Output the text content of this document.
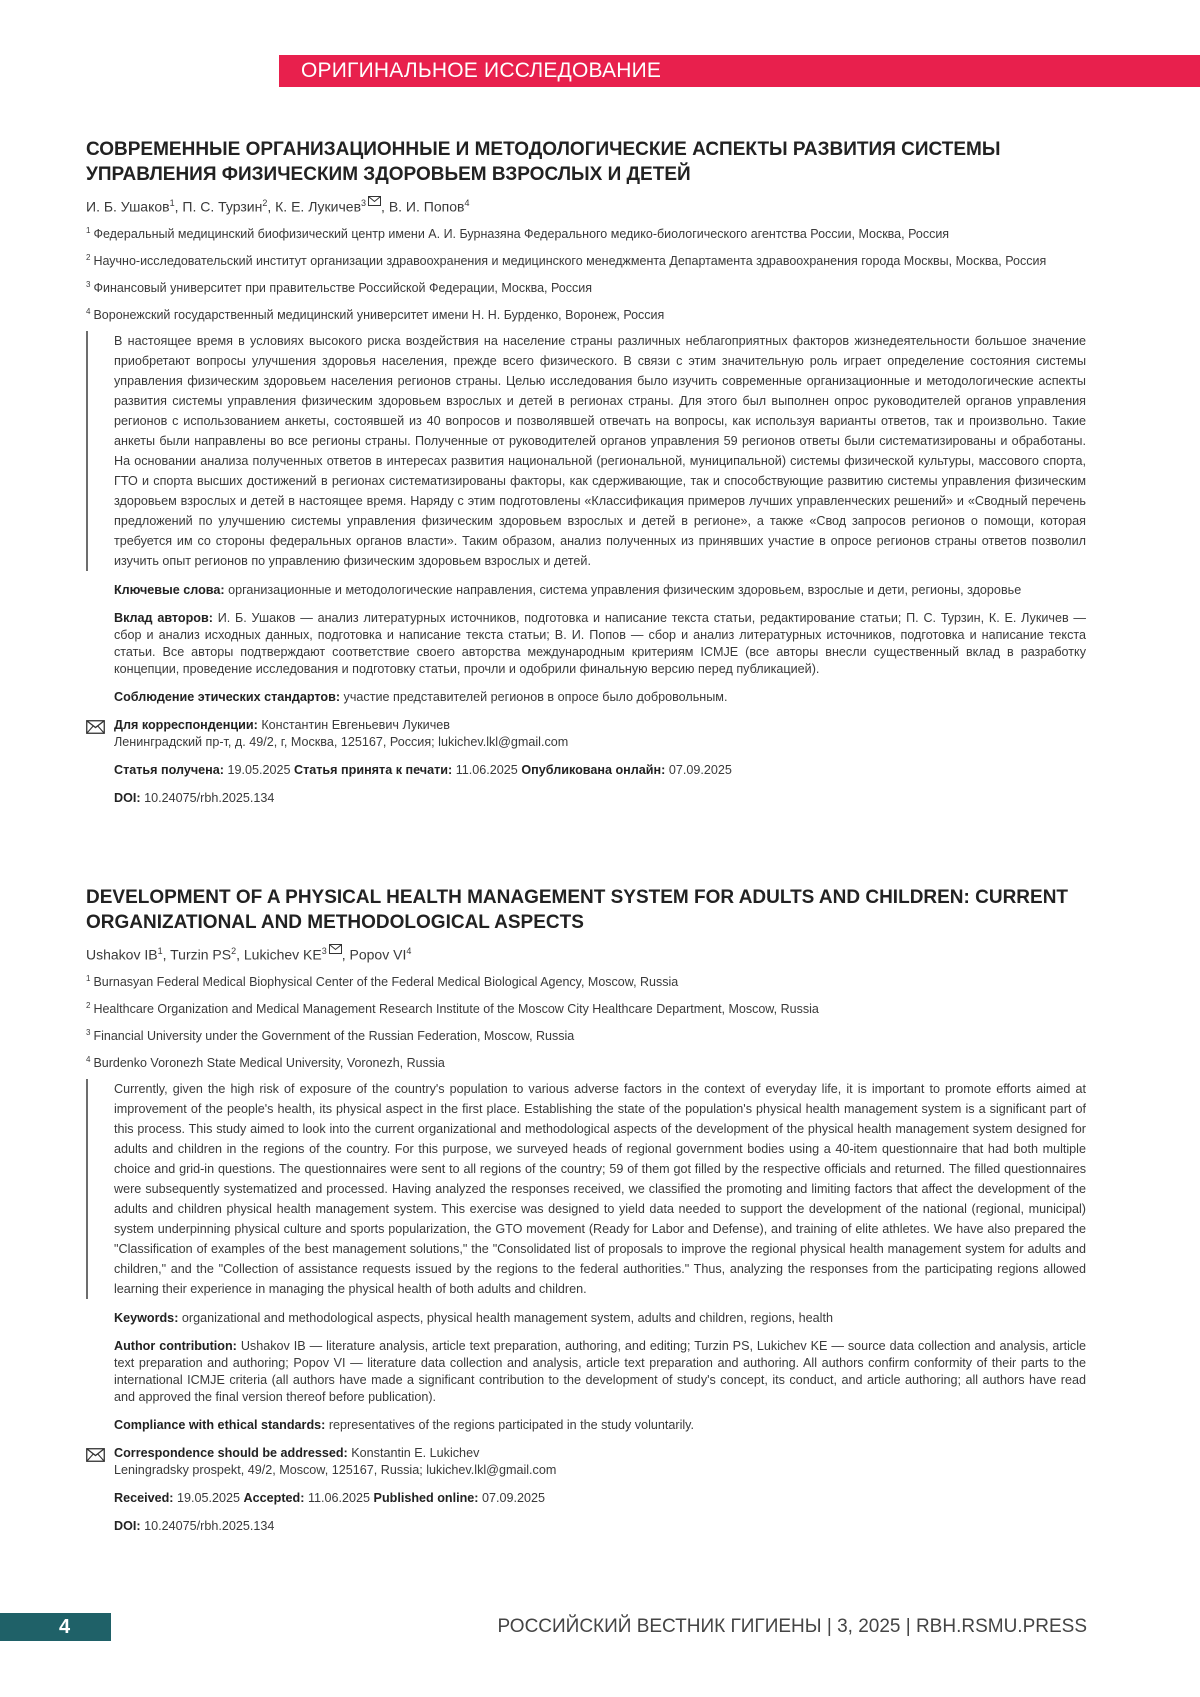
ОРИГИНАЛЬНОЕ ИССЛЕДОВАНИЕ
СОВРЕМЕННЫЕ ОРГАНИЗАЦИОННЫЕ И МЕТОДОЛОГИЧЕСКИЕ АСПЕКТЫ РАЗВИТИЯ СИСТЕМЫ УПРАВЛЕНИЯ ФИЗИЧЕСКИМ ЗДОРОВЬЕМ ВЗРОСЛЫХ И ДЕТЕЙ
И. Б. Ушаков$^1$, П. С. Турзин$^2$, К. Е. Лукичев$^3$ , В. И. Попов$^4$
$^1$ Федеральный медицинский биофизический центр имени А. И. Бурназяна Федерального медико-биологического агентства России, Москва, Россия
$^2$ Научно-исследовательский институт организации здравоохранения и медицинского менеджмента Департамента здравоохранения города Москвы, Москва, Россия
$^3$ Финансовый университет при правительстве Российской Федерации, Москва, Россия
$^4$ Воронежский государственный медицинский университет имени Н. Н. Бурденко, Воронеж, Россия
В настоящее время в условиях высокого риска воздействия на население страны различных неблагоприятных факторов жизнедеятельности большое значение приобретают вопросы улучшения здоровья населения, прежде всего физического. В связи с этим значительную роль играет определение состояния системы управления физическим здоровьем населения регионов страны. Целью исследования было изучить современные организационные и методологические аспекты развития системы управления физическим здоровьем взрослых и детей в регионах страны. Для этого был выполнен опрос руководителей органов управления регионов с использованием анкеты, состоявшей из 40 вопросов и позволявшей отвечать на вопросы, как используя варианты ответов, так и произвольно. Такие анкеты были направлены во все регионы страны. Полученные от руководителей органов управления 59 регионов ответы были систематизированы и обработаны. На основании анализа полученных ответов в интересах развития национальной (региональной, муниципальной) системы физической культуры, массового спорта, ГТО и спорта высших достижений в регионах систематизированы факторы, как сдерживающие, так и способствующие развитию системы управления физическим здоровьем взрослых и детей в настоящее время. Наряду с этим подготовлены «Классификация примеров лучших управленческих решений» и «Сводный перечень предложений по улучшению системы управления физическим здоровьем взрослых и детей в регионе», а также «Свод запросов регионов о помощи, которая требуется им со стороны федеральных органов власти». Таким образом, анализ полученных из принявших участие в опросе регионов страны ответов позволил изучить опыт регионов по управлению физическим здоровьем взрослых и детей.
Ключевые слова: организационные и методологические направления, система управления физическим здоровьем, взрослые и дети, регионы, здоровье
Вклад авторов: И. Б. Ушаков — анализ литературных источников, подготовка и написание текста статьи, редактирование статьи; П. С. Турзин, К. Е. Лукичев — сбор и анализ исходных данных, подготовка и написание текста статьи; В. И. Попов — сбор и анализ литературных источников, подготовка и написание текста статьи. Все авторы подтверждают соответствие своего авторства международным критериям ICMJE (все авторы внесли существенный вклад в разработку концепции, проведение исследования и подготовку статьи, прочли и одобрили финальную версию перед публикацией).
Соблюдение этических стандартов: участие представителей регионов в опросе было добровольным.
Для корреспонденции: Константин Евгеньевич Лукичев
Ленинградский пр-т, д. 49/2, г, Москва, 125167, Россия; lukichev.lkl@gmail.com
Статья получена: 19.05.2025 Статья принята к печати: 11.06.2025 Опубликована онлайн: 07.09.2025
DOI: 10.24075/rbh.2025.134
DEVELOPMENT OF A PHYSICAL HEALTH MANAGEMENT SYSTEM FOR ADULTS AND CHILDREN: CURRENT ORGANIZATIONAL AND METHODOLOGICAL ASPECTS
Ushakov $IB^1$, Turzin $PS^2$, Lukichev $KE^3$ , Popov $VI^4$
$^1$ Burnasyan Federal Medical Biophysical Center of the Federal Medical Biological Agency, Moscow, Russia
$^2$ Healthcare Organization and Medical Management Research Institute of the Moscow City Healthcare Department, Moscow, Russia
$^3$ Financial University under the Government of the Russian Federation, Moscow, Russia
$^4$ Burdenko Voronezh State Medical University, Voronezh, Russia
Currently, given the high risk of exposure of the country's population to various adverse factors in the context of everyday life, it is important to promote efforts aimed at improvement of the people's health, its physical aspect in the first place. Establishing the state of the population's physical health management system is a significant part of this process. This study aimed to look into the current organizational and methodological aspects of the development of the physical health management system designed for adults and children in the regions of the country. For this purpose, we surveyed heads of regional government bodies using a 40-item questionnaire that had both multiple choice and grid-in questions. The questionnaires were sent to all regions of the country; 59 of them got filled by the respective officials and returned. The filled questionnaires were subsequently systematized and processed. Having analyzed the responses received, we classified the promoting and limiting factors that affect the development of the adults and children physical health management system. This exercise was designed to yield data needed to support the development of the national (regional, municipal) system underpinning physical culture and sports popularization, the GTO movement (Ready for Labor and Defense), and training of elite athletes. We have also prepared the "Classification of examples of the best management solutions," the "Consolidated list of proposals to improve the regional physical health management system for adults and children," and the "Collection of assistance requests issued by the regions to the federal authorities." Thus, analyzing the responses from the participating regions allowed learning their experience in managing the physical health of both adults and children.
Keywords: organizational and methodological aspects, physical health management system, adults and children, regions, health
Author contribution: Ushakov IB — literature analysis, article text preparation, authoring, and editing; Turzin PS, Lukichev KE — source data collection and analysis, article text preparation and authoring; Popov VI — literature data collection and analysis, article text preparation and authoring. All authors confirm conformity of their parts to the international ICMJE criteria (all authors have made a significant contribution to the development of study's concept, its conduct, and article authoring; all authors have read and approved the final version thereof before publication).
Compliance with ethical standards: representatives of the regions participated in the study voluntarily.
Correspondence should be addressed: Konstantin E. Lukichev
Leningradsky prospekt, 49/2, Moscow, 125167, Russia; lukichev.lkl@gmail.com
Received: 19.05.2025 Accepted: 11.06.2025 Published online: 07.09.2025
DOI: 10.24075/rbh.2025.134
4	РОССИЙСКИЙ ВЕСТНИК ГИГИЕНЫ | 3, 2025 | RBH.RSMU.PRESS
